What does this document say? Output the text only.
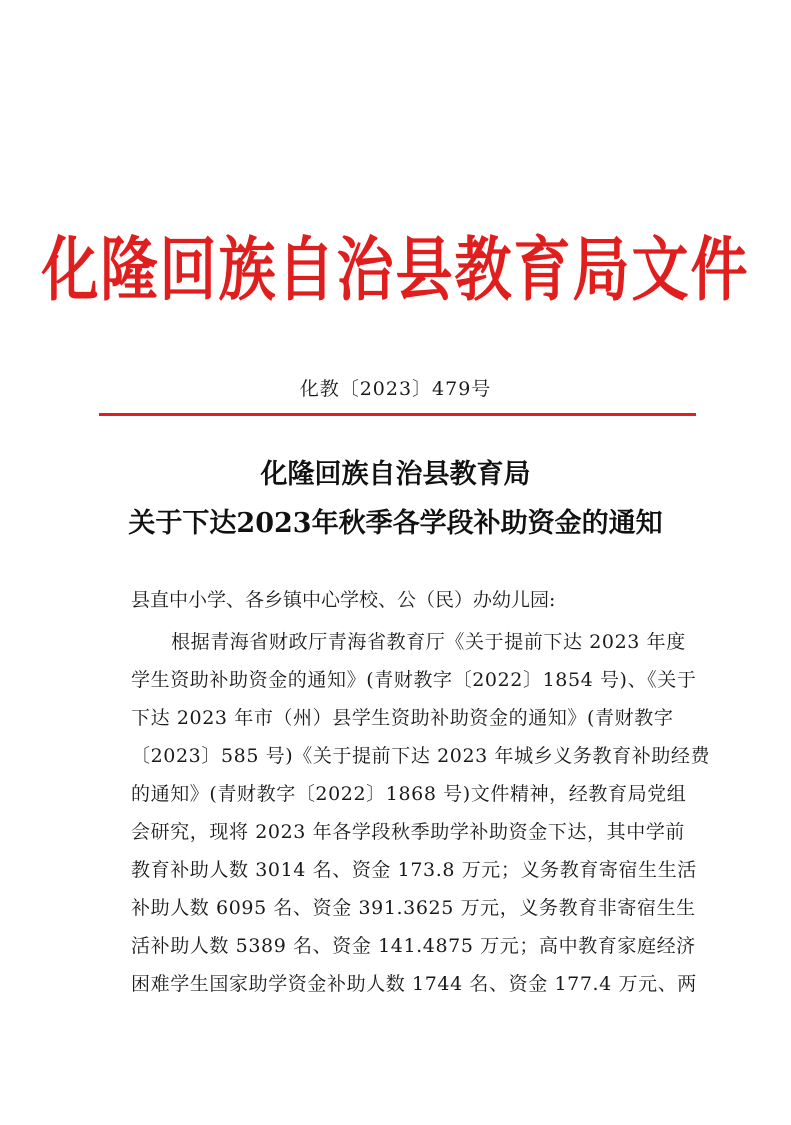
化隆回族自治县教育局文件
化教〔2023〕479号
化隆回族自治县教育局
关于下达2023年秋季各学段补助资金的通知
县直中小学、各乡镇中心学校、公（民）办幼儿园:
根据青海省财政厅青海省教育厅《关于提前下达 2023 年度
学生资助补助资金的通知》(青财教字〔2022〕1854 号)、《关于
下达 2023 年市（州）县学生资助补助资金的通知》(青财教字
〔2023〕585 号)《关于提前下达 2023 年城乡义务教育补助经费
的通知》(青财教字〔2022〕1868 号)文件精神，经教育局党组
会研究，现将 2023 年各学段秋季助学补助资金下达，其中学前
教育补助人数 3014 名、资金 173.8 万元；义务教育寄宿生生活
补助人数 6095 名、资金 391.3625 万元，义务教育非寄宿生生
活补助人数 5389 名、资金 141.4875 万元；高中教育家庭经济
困难学生国家助学资金补助人数 1744 名、资金 177.4 万元、两
